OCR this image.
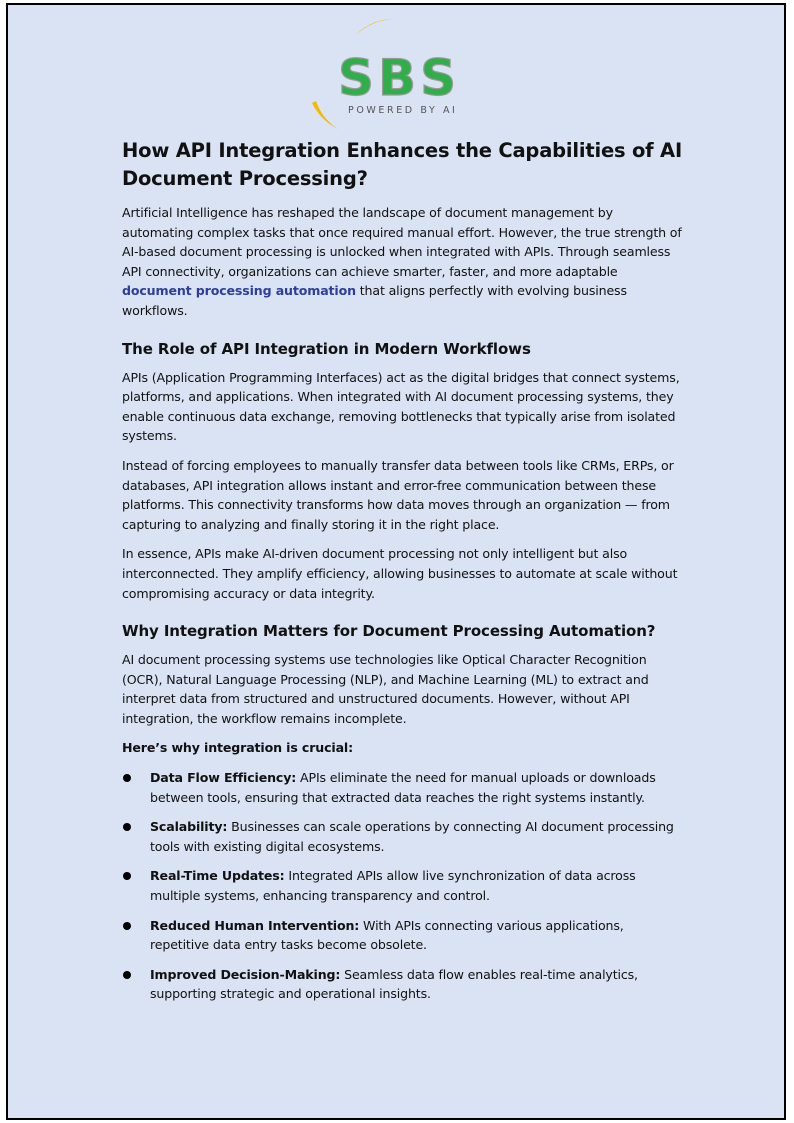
SBS
POWERED BY AI
How API Integration Enhances the Capabilities of AI Document Processing?

Artificial Intelligence has reshaped the landscape of document management by automating complex tasks that once required manual effort. However, the true strength of AI-based document processing is unlocked when integrated with APIs. Through seamless API connectivity, organizations can achieve smarter, faster, and more adaptable document processing automation that aligns perfectly with evolving business workflows.

The Role of API Integration in Modern Workflows

APIs (Application Programming Interfaces) act as the digital bridges that connect systems, platforms, and applications. When integrated with AI document processing systems, they enable continuous data exchange, removing bottlenecks that typically arise from isolated systems.

Instead of forcing employees to manually transfer data between tools like CRMs, ERPs, or databases, API integration allows instant and error-free communication between these platforms. This connectivity transforms how data moves through an organization — from capturing to analyzing and finally storing it in the right place.

In essence, APIs make AI-driven document processing not only intelligent but also interconnected. They amplify efficiency, allowing businesses to automate at scale without compromising accuracy or data integrity.

Why Integration Matters for Document Processing Automation?

AI document processing systems use technologies like Optical Character Recognition (OCR), Natural Language Processing (NLP), and Machine Learning (ML) to extract and interpret data from structured and unstructured documents. However, without API integration, the workflow remains incomplete.

Here’s why integration is crucial:

Data Flow Efficiency: APIs eliminate the need for manual uploads or downloads between tools, ensuring that extracted data reaches the right systems instantly.
Scalability: Businesses can scale operations by connecting AI document processing tools with existing digital ecosystems.
Real-Time Updates: Integrated APIs allow live synchronization of data across multiple systems, enhancing transparency and control.
Reduced Human Intervention: With APIs connecting various applications, repetitive data entry tasks become obsolete.
Improved Decision-Making: Seamless data flow enables real-time analytics, supporting strategic and operational insights.
